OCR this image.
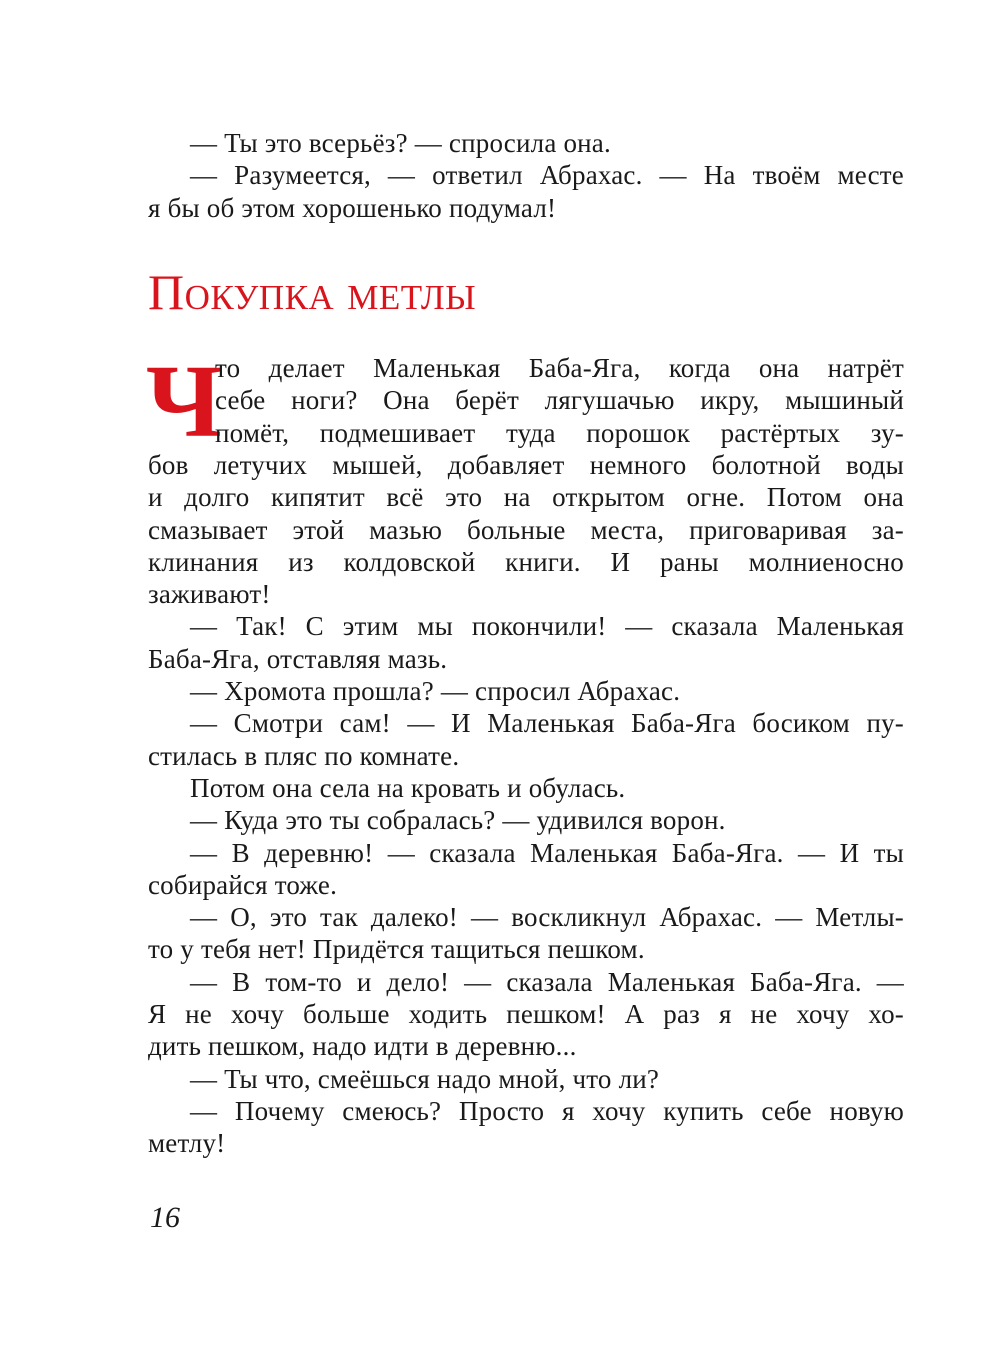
— Ты это всерьёз? — спросила она.
— Разумеется, — ответил Абрахас. — На твоём месте
я бы об этом хорошенько подумал!
Покупка метлы
Ч
то делает Маленькая Баба-Яга, когда она натрёт
себе ноги? Она берёт лягушачью икру, мышиный
помёт, подмешивает туда порошок растёртых зу-
бов летучих мышей, добавляет немного болотной воды
и долго кипятит всё это на открытом огне. Потом она
смазывает этой мазью больные места, приговаривая за-
клинания из колдовской книги. И раны молниеносно
заживают!
— Так! С этим мы покончили! — сказала Маленькая
Баба-Яга, отставляя мазь.
— Хромота прошла? — спросил Абрахас.
— Смотри сам! — И Маленькая Баба-Яга босиком пу-
стилась в пляс по комнате.
Потом она села на кровать и обулась.
— Куда это ты собралась? — удивился ворон.
— В деревню! — сказала Маленькая Баба-Яга. — И ты
собирайся тоже.
— О, это так далеко! — воскликнул Абрахас. — Метлы-
то у тебя нет! Придётся тащиться пешком.
— В том-то и дело! — сказала Маленькая Баба-Яга. —
Я не хочу больше ходить пешком! А раз я не хочу хо-
дить пешком, надо идти в деревню...
— Ты что, смеёшься надо мной, что ли?
— Почему смеюсь? Просто я хочу купить себе новую
метлу!
16
